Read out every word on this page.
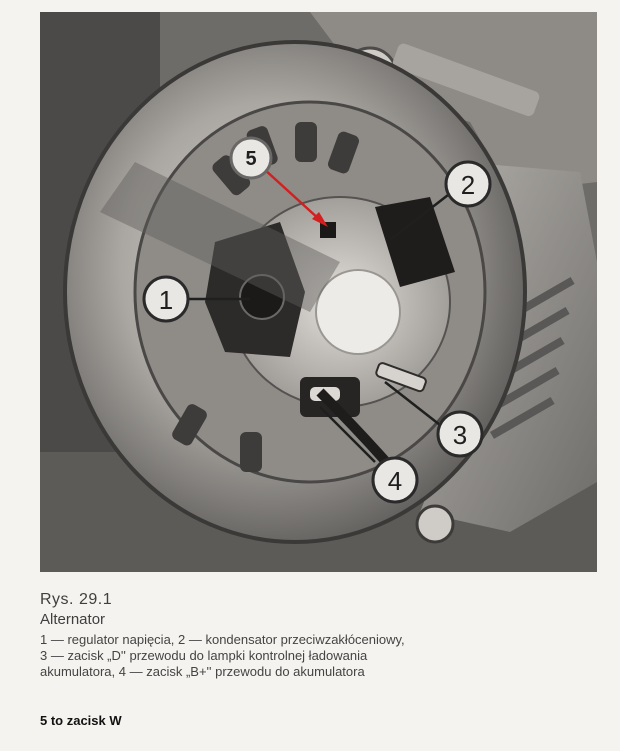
1
2
3
4
5
Rys. 29.1
Alternator
1 — regulator napięcia, 2 — kondensator przeciwzakłóceniowy,
3 — zacisk „D'' przewodu do lampki kontrolnej ładowania
akumulatora, 4 — zacisk „B+'' przewodu do akumulatora
5 to zacisk W
